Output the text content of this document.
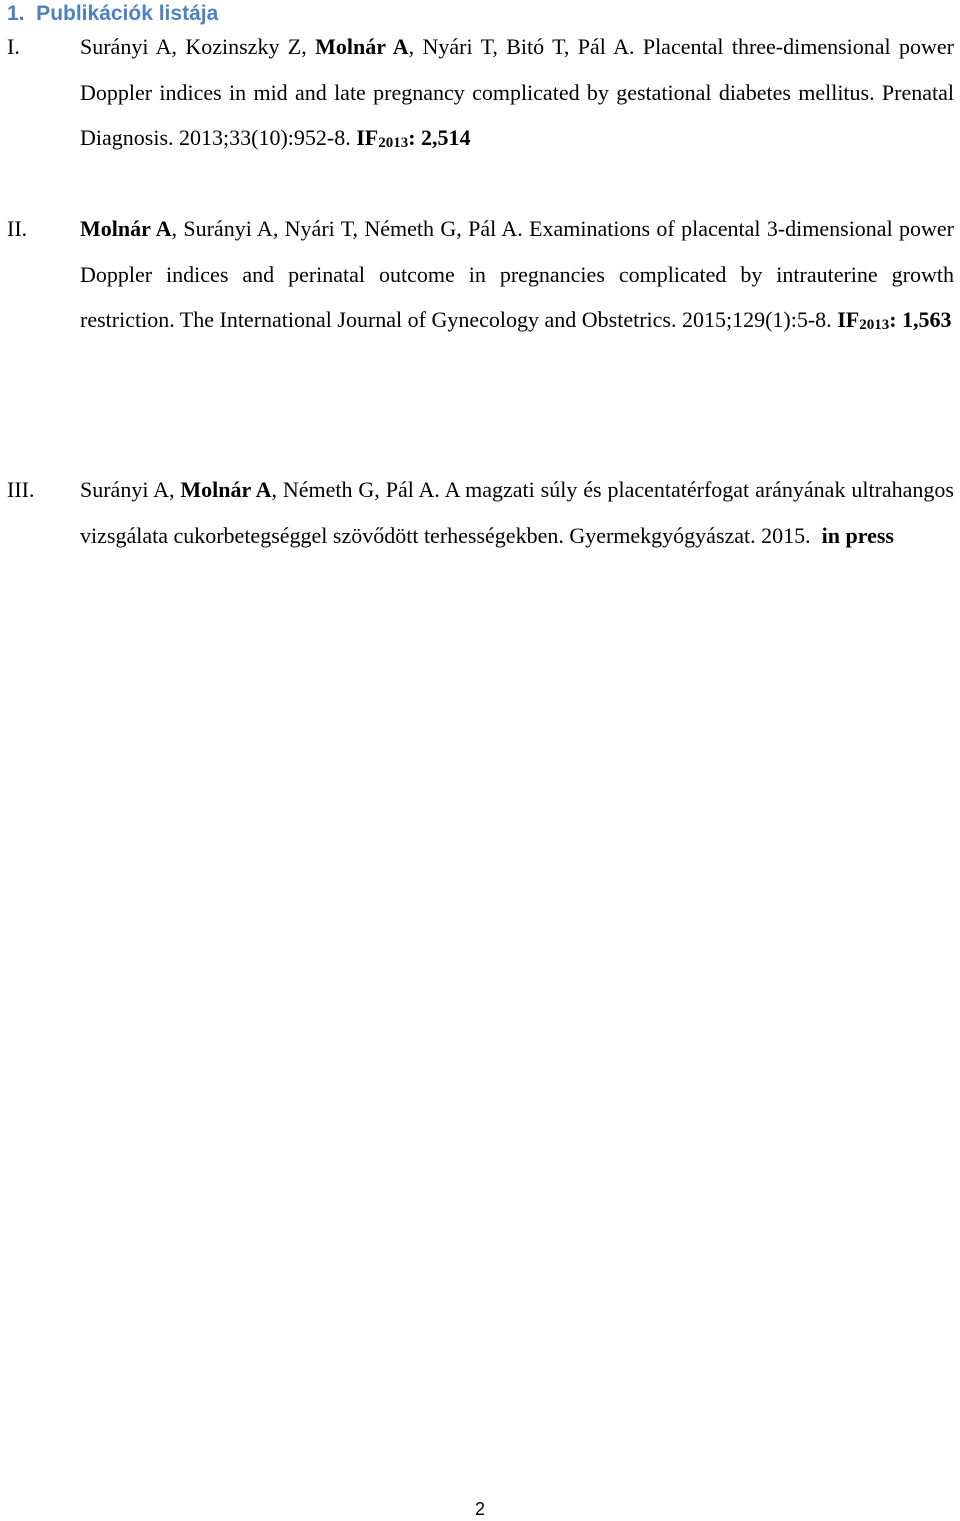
1.  Publikációk listája
I.	Surányi A, Kozinszky Z, Molnár A, Nyári T, Bitó T, Pál A. Placental three-dimensional power Doppler indices in mid and late pregnancy complicated by gestational diabetes mellitus. Prenatal Diagnosis. 2013;33(10):952-8. $IF_{2013}$: 2,514
II. Molnár A, Surányi A, Nyári T, Németh G, Pál A. Examinations of placental 3-dimensional power Doppler indices and perinatal outcome in pregnancies complicated by intrauterine growth restriction. The International Journal of Gynecology and Obstetrics. 2015;129(1):5-8. $IF_{2013}$: 1,563
III. Surányi A, Molnár A, Németh G, Pál A. A magzati súly és placentatérfogat arányának ultrahangos vizsgálata cukorbetegséggel szövődött terhességekben. Gyermekgyógyászat. 2015.  in press
2
